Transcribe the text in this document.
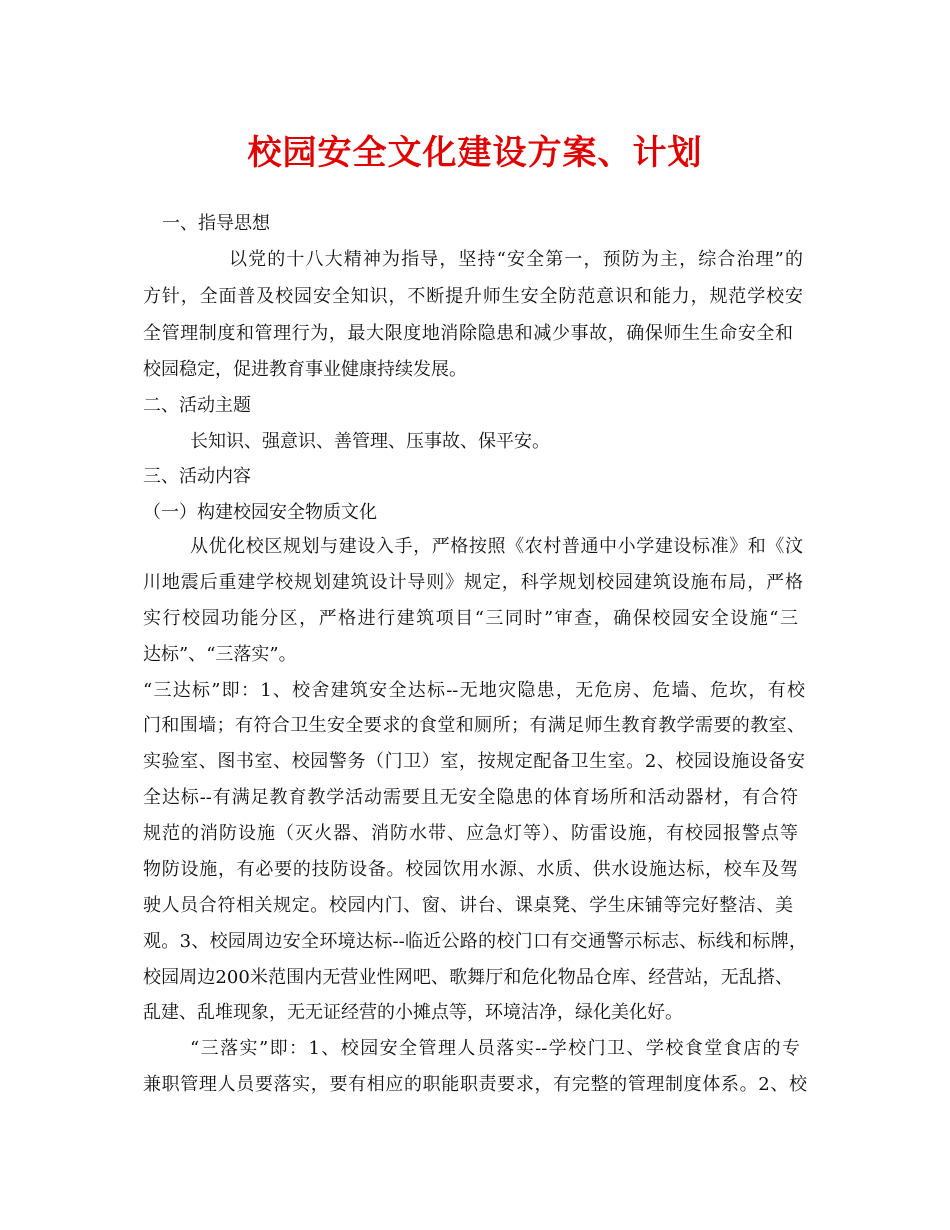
校园安全文化建设方案、计划
一、指导思想
以党的十八大精神为指导，坚持“安全第一，预防为主，综合治理”的
方针，全面普及校园安全知识，不断提升师生安全防范意识和能力，规范学校安
全管理制度和管理行为，最大限度地消除隐患和减少事故，确保师生生命安全和
校园稳定，促进教育事业健康持续发展。
二、活动主题
长知识、强意识、善管理、压事故、保平安。
三、活动内容
（一）构建校园安全物质文化
从优化校区规划与建设入手，严格按照《农村普通中小学建设标准》和《汶
川地震后重建学校规划建筑设计导则》规定，科学规划校园建筑设施布局，严格
实行校园功能分区，严格进行建筑项目“三同时”审查，确保校园安全设施“三
达标”、“三落实”。
“三达标”即：1、校舍建筑安全达标--无地灾隐患，无危房、危墙、危坎，有校
门和围墙；有符合卫生安全要求的食堂和厕所；有满足师生教育教学需要的教室、
实验室、图书室、校园警务（门卫）室，按规定配备卫生室。2、校园设施设备安
全达标--有满足教育教学活动需要且无安全隐患的体育场所和活动器材，有合符
规范的消防设施（灭火器、消防水带、应急灯等）、防雷设施，有校园报警点等
物防设施，有必要的技防设备。校园饮用水源、水质、供水设施达标，校车及驾
驶人员合符相关规定。校园内门、窗、讲台、课桌凳、学生床铺等完好整洁、美
观。3、校园周边安全环境达标--临近公路的校门口有交通警示标志、标线和标牌，
校园周边200米范围内无营业性网吧、歌舞厅和危化物品仓库、经营站，无乱搭、
乱建、乱堆现象，无无证经营的小摊点等，环境洁净，绿化美化好。
“三落实”即：1、校园安全管理人员落实--学校门卫、学校食堂食店的专
兼职管理人员要落实，要有相应的职能职责要求，有完整的管理制度体系。2、校
